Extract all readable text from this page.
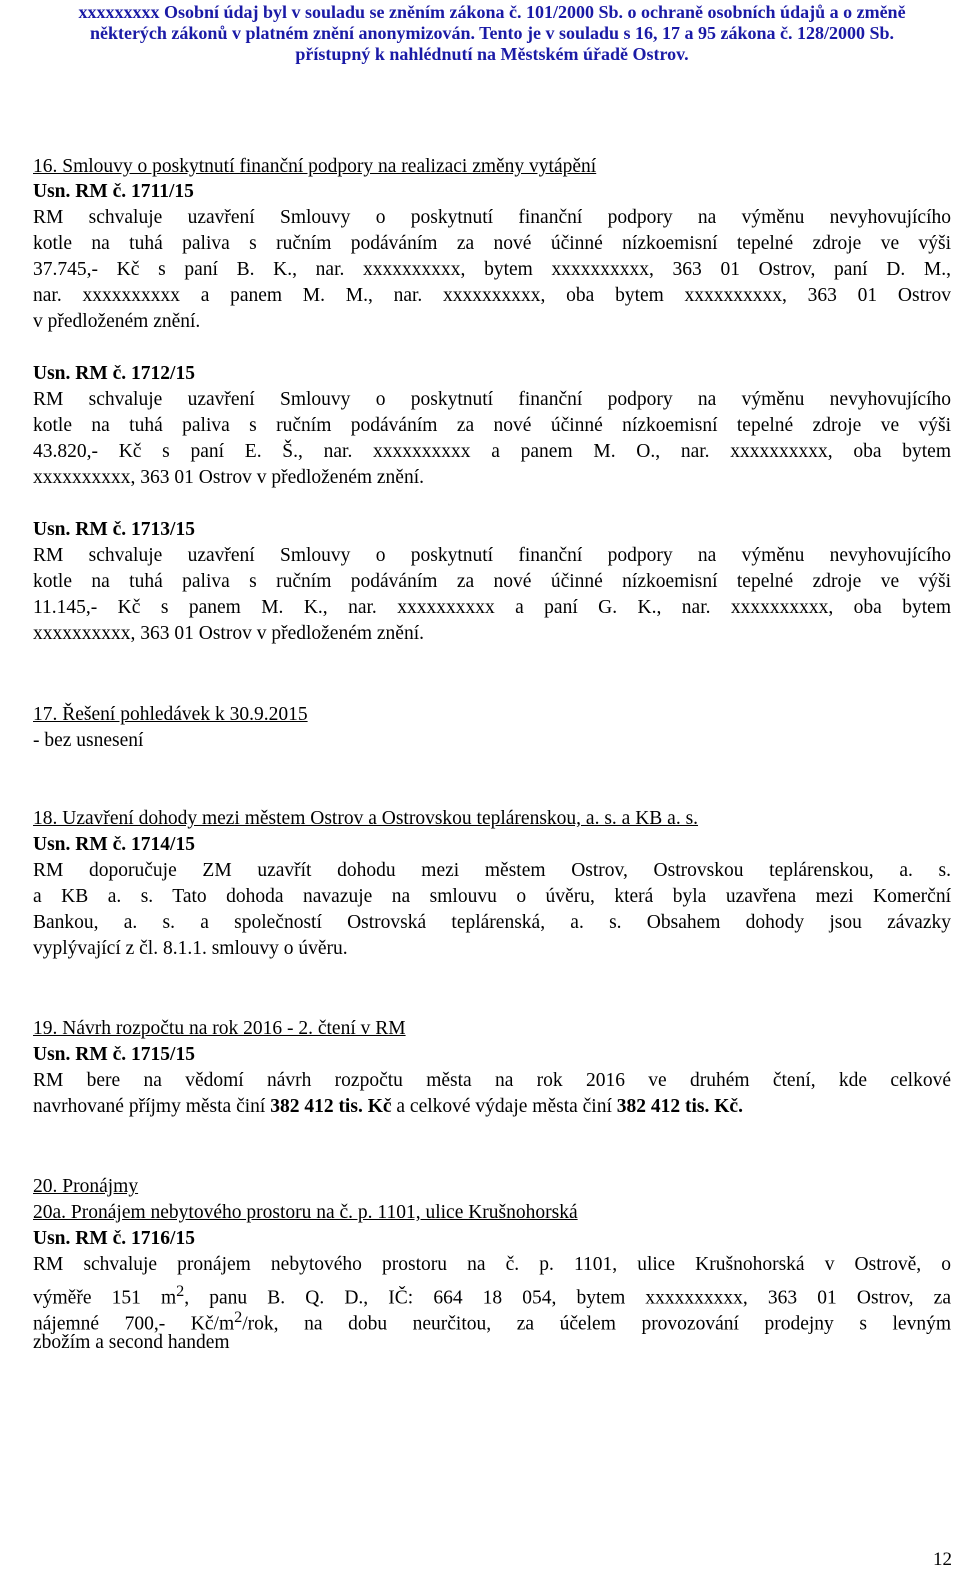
xxxxxxxxx Osobní údaj byl v souladu se zněním zákona č. 101/2000 Sb. o ochraně osobních údajů a o změně
některých zákonů v platném znění anonymizován. Tento je v souladu s 16, 17 a 95 zákona č. 128/2000 Sb.
přístupný k nahlédnutí na Městském úřadě Ostrov.
16. Smlouvy o poskytnutí finanční podpory na realizaci změny vytápění
Usn. RM č. 1711/15
RM schvaluje uzavření Smlouvy o poskytnutí finanční podpory na výměnu nevyhovujícího
kotle na tuhá paliva s ručním podáváním za nové účinné nízkoemisní tepelné zdroje ve výši
37.745,- Kč s paní B. K., nar. xxxxxxxxxx, bytem xxxxxxxxxx, 363 01 Ostrov, paní D. M.,
nar. xxxxxxxxxx a panem M. M., nar. xxxxxxxxxx, oba bytem xxxxxxxxxx, 363 01 Ostrov
v předloženém znění.
Usn. RM č. 1712/15
RM schvaluje uzavření Smlouvy o poskytnutí finanční podpory na výměnu nevyhovujícího
kotle na tuhá paliva s ručním podáváním za nové účinné nízkoemisní tepelné zdroje ve výši
43.820,- Kč s paní E. Š., nar. xxxxxxxxxx a panem M. O., nar. xxxxxxxxxx, oba bytem
xxxxxxxxxx, 363 01 Ostrov v předloženém znění.
Usn. RM č. 1713/15
RM schvaluje uzavření Smlouvy o poskytnutí finanční podpory na výměnu nevyhovujícího
kotle na tuhá paliva s ručním podáváním za nové účinné nízkoemisní tepelné zdroje ve výši
11.145,- Kč s panem M. K., nar. xxxxxxxxxx a paní G. K., nar. xxxxxxxxxx, oba bytem
xxxxxxxxxx, 363 01 Ostrov v předloženém znění.
17. Řešení pohledávek k 30.9.2015
- bez usnesení
18. Uzavření dohody mezi městem Ostrov a Ostrovskou teplárenskou, a. s. a KB a. s.
Usn. RM č. 1714/15
RM doporučuje ZM uzavřít dohodu mezi městem Ostrov, Ostrovskou teplárenskou, a. s.
a KB a. s. Tato dohoda navazuje na smlouvu o úvěru, která byla uzavřena mezi Komerční
Bankou, a. s. a společností Ostrovská teplárenská, a. s. Obsahem dohody jsou závazky
vyplývající z čl. 8.1.1. smlouvy o úvěru.
19. Návrh rozpočtu na rok 2016 - 2. čtení v RM
Usn. RM č. 1715/15
RM bere na vědomí návrh rozpočtu města na rok 2016 ve druhém čtení, kde celkové
navrhované příjmy města činí 382 412 tis. Kč a celkové výdaje města činí 382 412 tis. Kč.
20. Pronájmy
20a. Pronájem nebytového prostoru na č. p. 1101, ulice Krušnohorská
Usn. RM č. 1716/15
RM schvaluje pronájem nebytového prostoru na č. p. 1101, ulice Krušnohorská v Ostrově, o
výměře 151 $m^2$, panu B. Q. D., IČ: 664 18 054, bytem xxxxxxxxxx, 363 01 Ostrov, za
nájemné 700,- $Kč/m^2$/rok, na dobu neurčitou, za účelem provozování prodejny s levným
zbožím a second handem
12
